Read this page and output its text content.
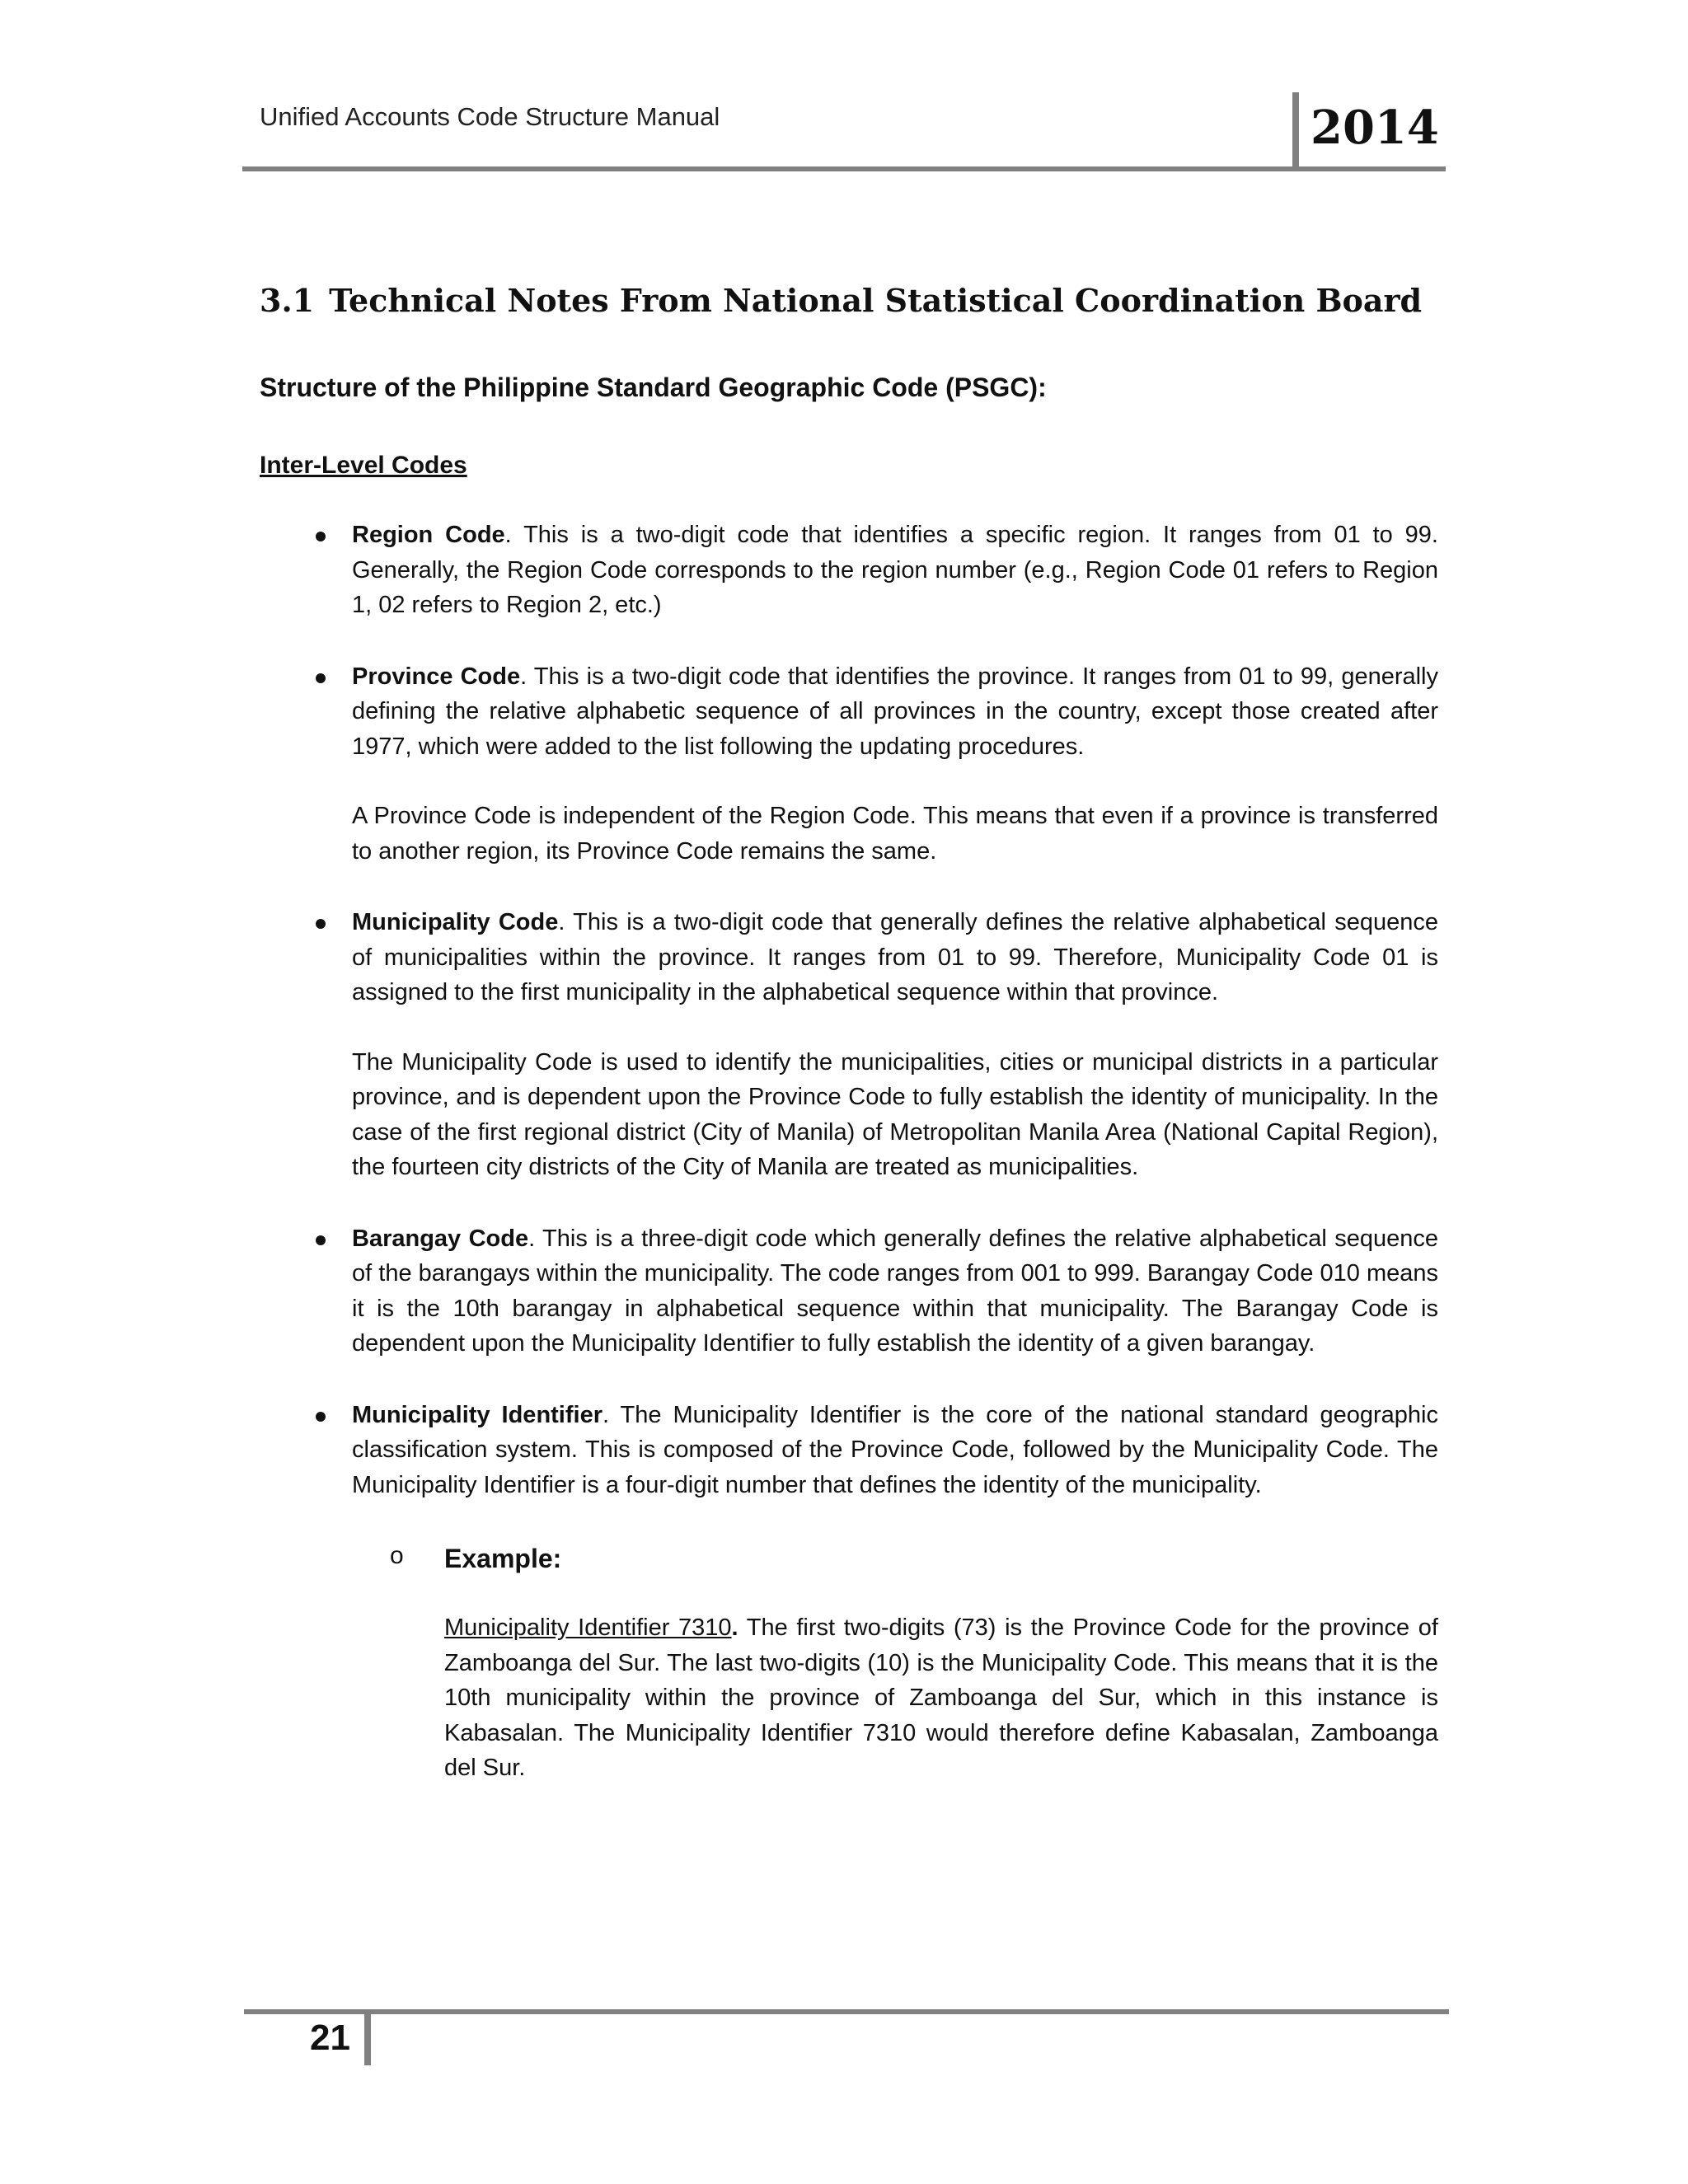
Unified Accounts Code Structure Manual	2014
3.1 Technical Notes From National Statistical Coordination Board
Structure of the Philippine Standard Geographic Code (PSGC):
Inter-Level Codes

Region Code. This is a two-digit code that identifies a specific region. It ranges from 01 to 99. Generally, the Region Code corresponds to the region number (e.g., Region Code 01 refers to Region 1, 02 refers to Region 2, etc.)

Province Code. This is a two-digit code that identifies the province. It ranges from 01 to 99, generally defining the relative alphabetic sequence of all provinces in the country, except those created after 1977, which were added to the list following the updating procedures.

A Province Code is independent of the Region Code. This means that even if a province is transferred to another region, its Province Code remains the same.

Municipality Code. This is a two-digit code that generally defines the relative alphabetical sequence of municipalities within the province. It ranges from 01 to 99. Therefore, Municipality Code 01 is assigned to the first municipality in the alphabetical sequence within that province.

The Municipality Code is used to identify the municipalities, cities or municipal districts in a particular province, and is dependent upon the Province Code to fully establish the identity of municipality. In the case of the first regional district (City of Manila) of Metropolitan Manila Area (National Capital Region), the fourteen city districts of the City of Manila are treated as municipalities.

Barangay Code. This is a three-digit code which generally defines the relative alphabetical sequence of the barangays within the municipality. The code ranges from 001 to 999. Barangay Code 010 means it is the 10th barangay in alphabetical sequence within that municipality. The Barangay Code is dependent upon the Municipality Identifier to fully establish the identity of a given barangay.

Municipality Identifier. The Municipality Identifier is the core of the national standard geographic classification system. This is composed of the Province Code, followed by the Municipality Code. The Municipality Identifier is a four-digit number that defines the identity of the municipality.

o Example:

Municipality Identifier 7310. The first two-digits (73) is the Province Code for the province of Zamboanga del Sur. The last two-digits (10) is the Municipality Code. This means that it is the 10th municipality within the province of Zamboanga del Sur, which in this instance is Kabasalan. The Municipality Identifier 7310 would therefore define Kabasalan, Zamboanga del Sur.

21
